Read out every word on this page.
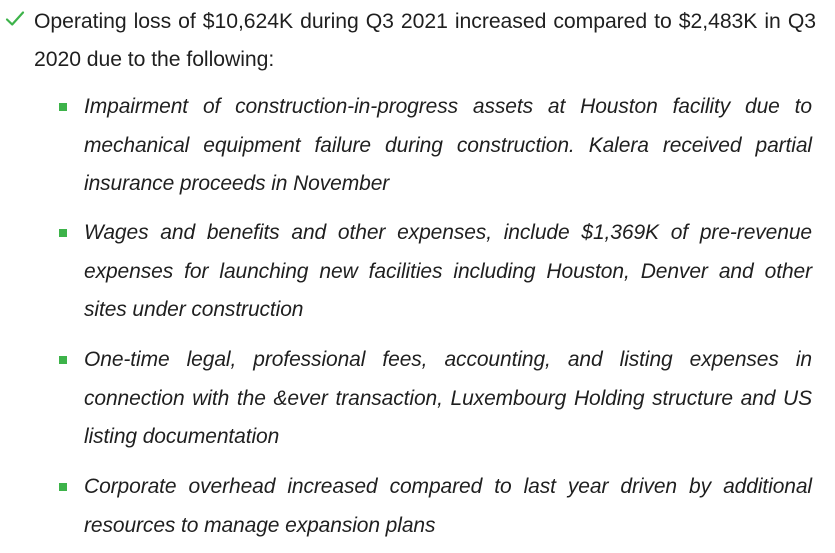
Operating loss of $10,624K during Q3 2021 increased compared to $2,483K in Q3 2020 due to the following:
Impairment of construction-in-progress assets at Houston facility due to mechanical equipment failure during construction. Kalera received partial insurance proceeds in November
Wages and benefits and other expenses, include $1,369K of pre-revenue expenses for launching new facilities including Houston, Denver and other sites under construction
One-time legal, professional fees, accounting, and listing expenses in connection with the &ever transaction, Luxembourg Holding structure and US listing documentation
Corporate overhead increased compared to last year driven by additional resources to manage expansion plans
